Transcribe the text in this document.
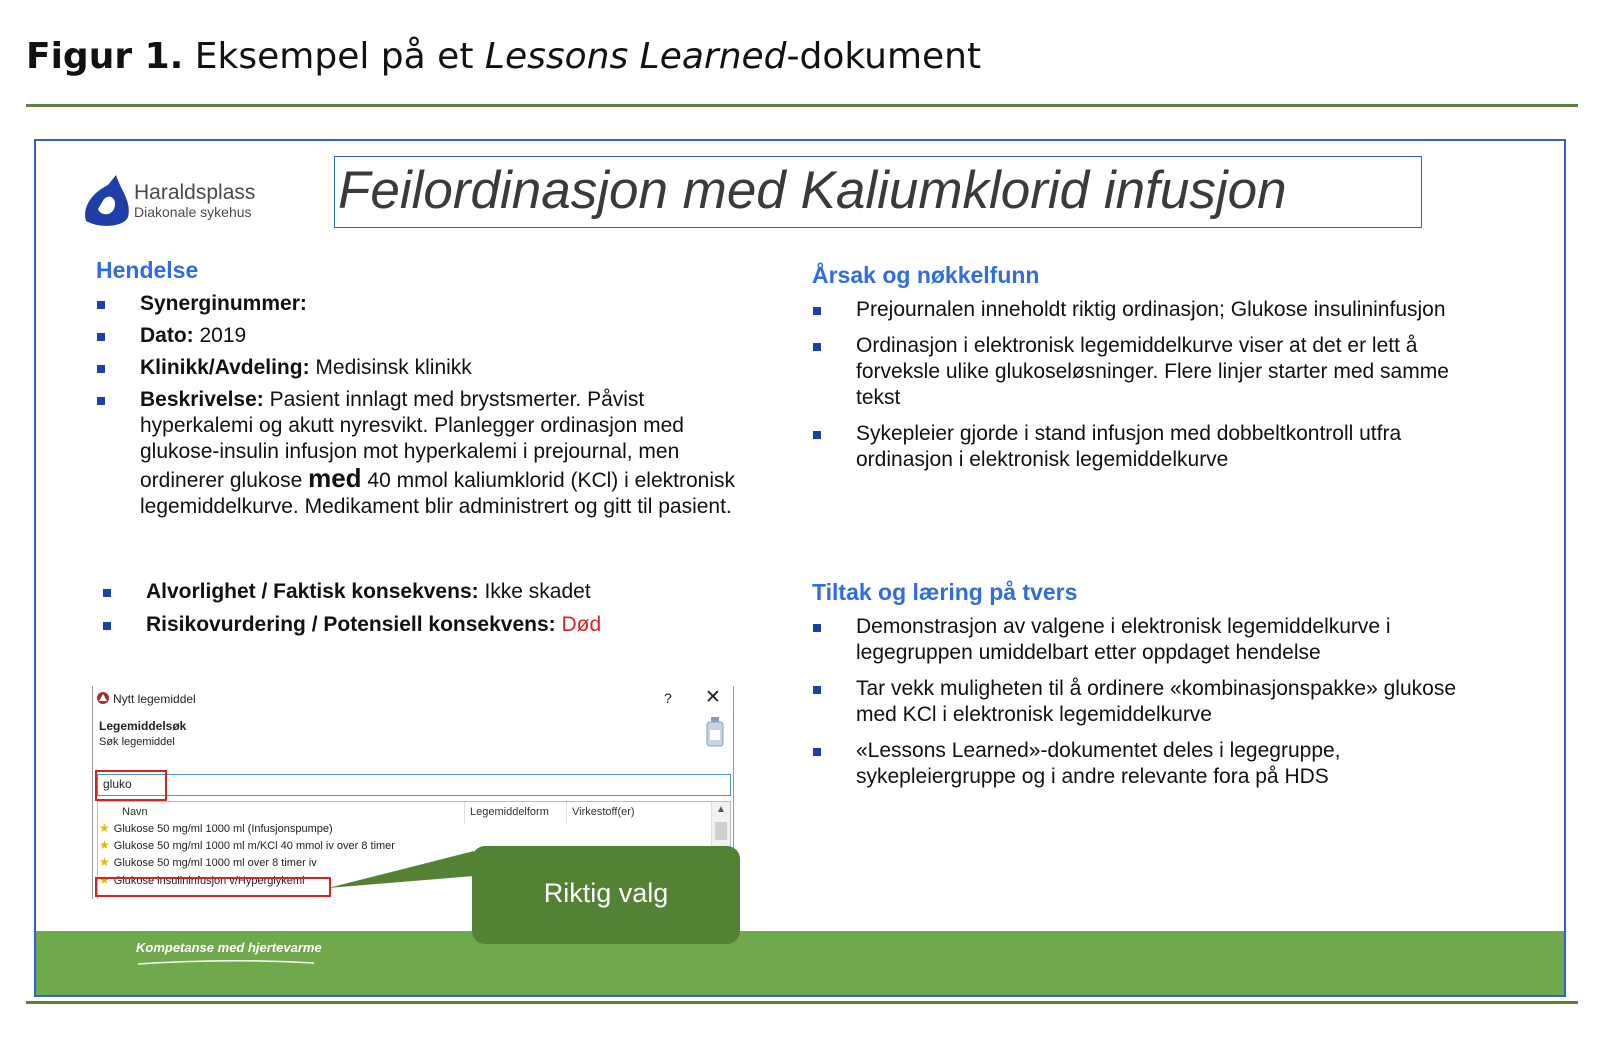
Figur 1. Eksempel på et Lessons Learned-dokument
Haraldsplass
Diakonale sykehus Feilordinasjon med Kaliumklorid infusjon
Hendelse
Synerginummer:
Dato: 2019
Klinikk/Avdeling: Medisinsk klinikk
Beskrivelse: Pasient innlagt med brystsmerter. Påvist hyperkalemi og akutt nyresvikt. Planlegger ordinasjon med glukose-insulin infusjon mot hyperkalemi i prejournal, men ordinerer glukose med 40 mmol kaliumklorid (KCl) i elektronisk legemiddelkurve. Medikament blir administrert og gitt til pasient.
Alvorlighet / Faktisk konsekvens: Ikke skadet
Risikovurdering / Potensiell konsekvens: Død
Årsak og nøkkelfunn
Prejournalen inneholdt riktig ordinasjon; Glukose insulininfusjon
Ordinasjon i elektronisk legemiddelkurve viser at det er lett å forveksle ulike glukoseløsninger. Flere linjer starter med samme tekst
Sykepleier gjorde i stand infusjon med dobbeltkontroll utfra ordinasjon i elektronisk legemiddelkurve
Tiltak og læring på tvers
Demonstrasjon av valgene i elektronisk legemiddelkurve i legegruppen umiddelbart etter oppdaget hendelse
Tar vekk muligheten til å ordinere «kombinasjonspakke» glukose med KCl i elektronisk legemiddelkurve
«Lessons Learned»-dokumentet deles i legegruppe, sykepleiergruppe og i andre relevante fora på HDS
Nytt legemiddel	? ✕
Legemiddelsøk
Søk legemiddel
gluko
Navn	Legemiddelform Virkestoff(er)	▲
★ Glukose 50 mg/ml 1000 ml (Infusjonspumpe)
★ Glukose 50 mg/ml 1000 ml m/KCl 40 mmol iv over 8 timer
★ Glukose 50 mg/ml 1000 ml over 8 timer iv
★ Glukose insulininfusjon v/Hyperglykemi
Kompetanse med hjertevarme
Riktig valg
